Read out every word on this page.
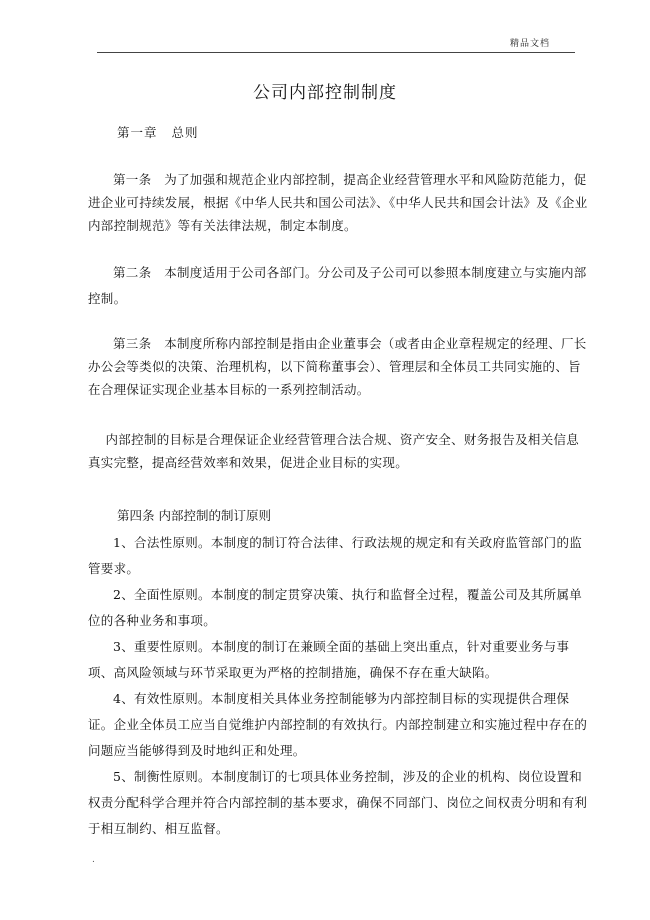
精品文档
公司内部控制制度
第一章 总则
第一条　为了加强和规范企业内部控制，提高企业经营管理水平和风险防范能力，促进企业可持续发展，根据《中华人民共和国公司法》、《中华人民共和国会计法》及《企业内部控制规范》等有关法律法规，制定本制度。
第二条　本制度适用于公司各部门。分公司及子公司可以参照本制度建立与实施内部控制。
第三条　本制度所称内部控制是指由企业董事会（或者由企业章程规定的经理、厂长办公会等类似的决策、治理机构，以下简称董事会）、管理层和全体员工共同实施的、旨在合理保证实现企业基本目标的一系列控制活动。
内部控制的目标是合理保证企业经营管理合法合规、资产安全、财务报告及相关信息真实完整，提高经营效率和效果，促进企业目标的实现。
第四条 内部控制的制订原则
1、合法性原则。本制度的制订符合法律、行政法规的规定和有关政府监管部门的监管要求。
2、全面性原则。本制度的制定贯穿决策、执行和监督全过程，覆盖公司及其所属单位的各种业务和事项。
3、重要性原则。本制度的制订在兼顾全面的基础上突出重点，针对重要业务与事项、高风险领域与环节采取更为严格的控制措施，确保不存在重大缺陷。
4、有效性原则。本制度相关具体业务控制能够为内部控制目标的实现提供合理保证。企业全体员工应当自觉维护内部控制的有效执行。内部控制建立和实施过程中存在的问题应当能够得到及时地纠正和处理。
5、制衡性原则。本制度制订的七项具体业务控制，涉及的企业的机构、岗位设置和权责分配科学合理并符合内部控制的基本要求，确保不同部门、岗位之间权责分明和有利于相互制约、相互监督。
.
